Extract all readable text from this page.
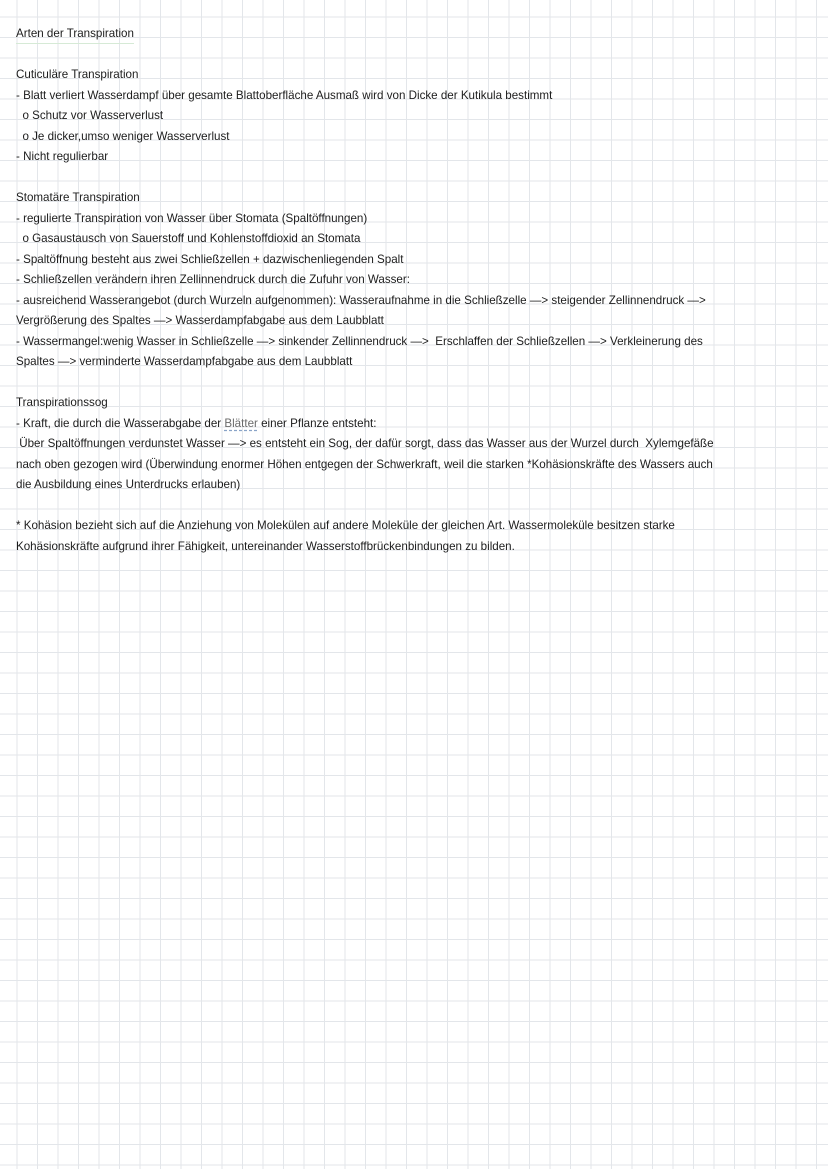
Arten der Transpiration
Cuticuläre Transpiration
- Blatt verliert Wasserdampf über gesamte Blattoberfläche Ausmaß wird von Dicke der Kutikula bestimmt
o Schutz vor Wasserverlust
o Je dicker,umso weniger Wasserverlust
- Nicht regulierbar
Stomatäre Transpiration
- regulierte Transpiration von Wasser über Stomata (Spaltöffnungen)
o Gasaustausch von Sauerstoff und Kohlenstoffdioxid an Stomata
- Spaltöffnung besteht aus zwei Schließzellen + dazwischenliegenden Spalt
- Schließzellen verändern ihren Zellinnendruck durch die Zufuhr von Wasser:
- ausreichend Wasserangebot (durch Wurzeln aufgenommen): Wasseraufnahme in die Schließzelle —> steigender Zellinnendruck —>
Vergrößerung des Spaltes —> Wasserdampfabgabe aus dem Laubblatt
- Wassermangel:wenig Wasser in Schließzelle —> sinkender Zellinnendruck —>  Erschlaffen der Schließzellen —> Verkleinerung des
Spaltes —> verminderte Wasserdampfabgabe aus dem Laubblatt
Transpirationssog
- Kraft, die durch die Wasserabgabe der Blätter einer Pflanze entsteht:
Über Spaltöffnungen verdunstet Wasser —> es entsteht ein Sog, der dafür sorgt, dass das Wasser aus der Wurzel durch  Xylemgefäße
nach oben gezogen wird (Überwindung enormer Höhen entgegen der Schwerkraft, weil die starken *Kohäsionskräfte des Wassers auch
die Ausbildung eines Unterdrucks erlauben)
* Kohäsion bezieht sich auf die Anziehung von Molekülen auf andere Moleküle der gleichen Art. Wassermoleküle besitzen starke
Kohäsionskräfte aufgrund ihrer Fähigkeit, untereinander Wasserstoffbrückenbindungen zu bilden.
